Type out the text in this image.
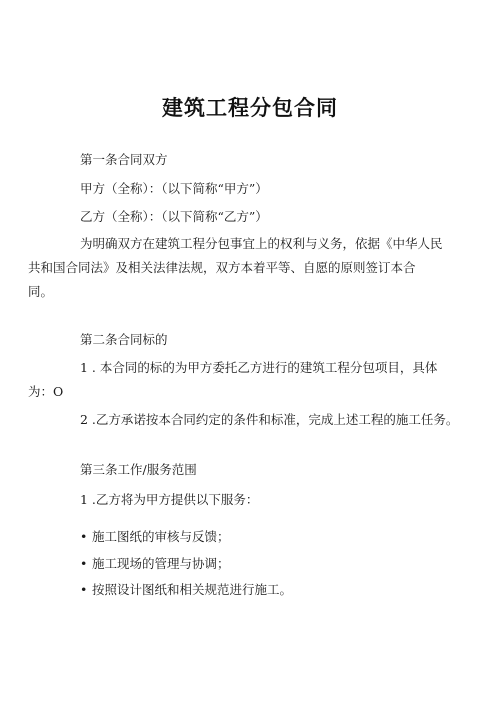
建筑工程分包合同
第一条合同双方
甲方（全称）：（以下简称“甲方”）
乙方（全称）：（以下简称“乙方”）
为明确双方在建筑工程分包事宜上的权利与义务，依据《中华人民
共和国合同法》及相关法律法规，双方本着平等、自愿的原则签订本合
同。
第二条合同标的
1 . 本合同的标的为甲方委托乙方进行的建筑工程分包项目，具体
为：O
2 .乙方承诺按本合同约定的条件和标准，完成上述工程的施工任务。
第三条工作/服务范围
1 .乙方将为甲方提供以下服务：
• 施工图纸的审核与反馈；
• 施工现场的管理与协调；
• 按照设计图纸和相关规范进行施工。
